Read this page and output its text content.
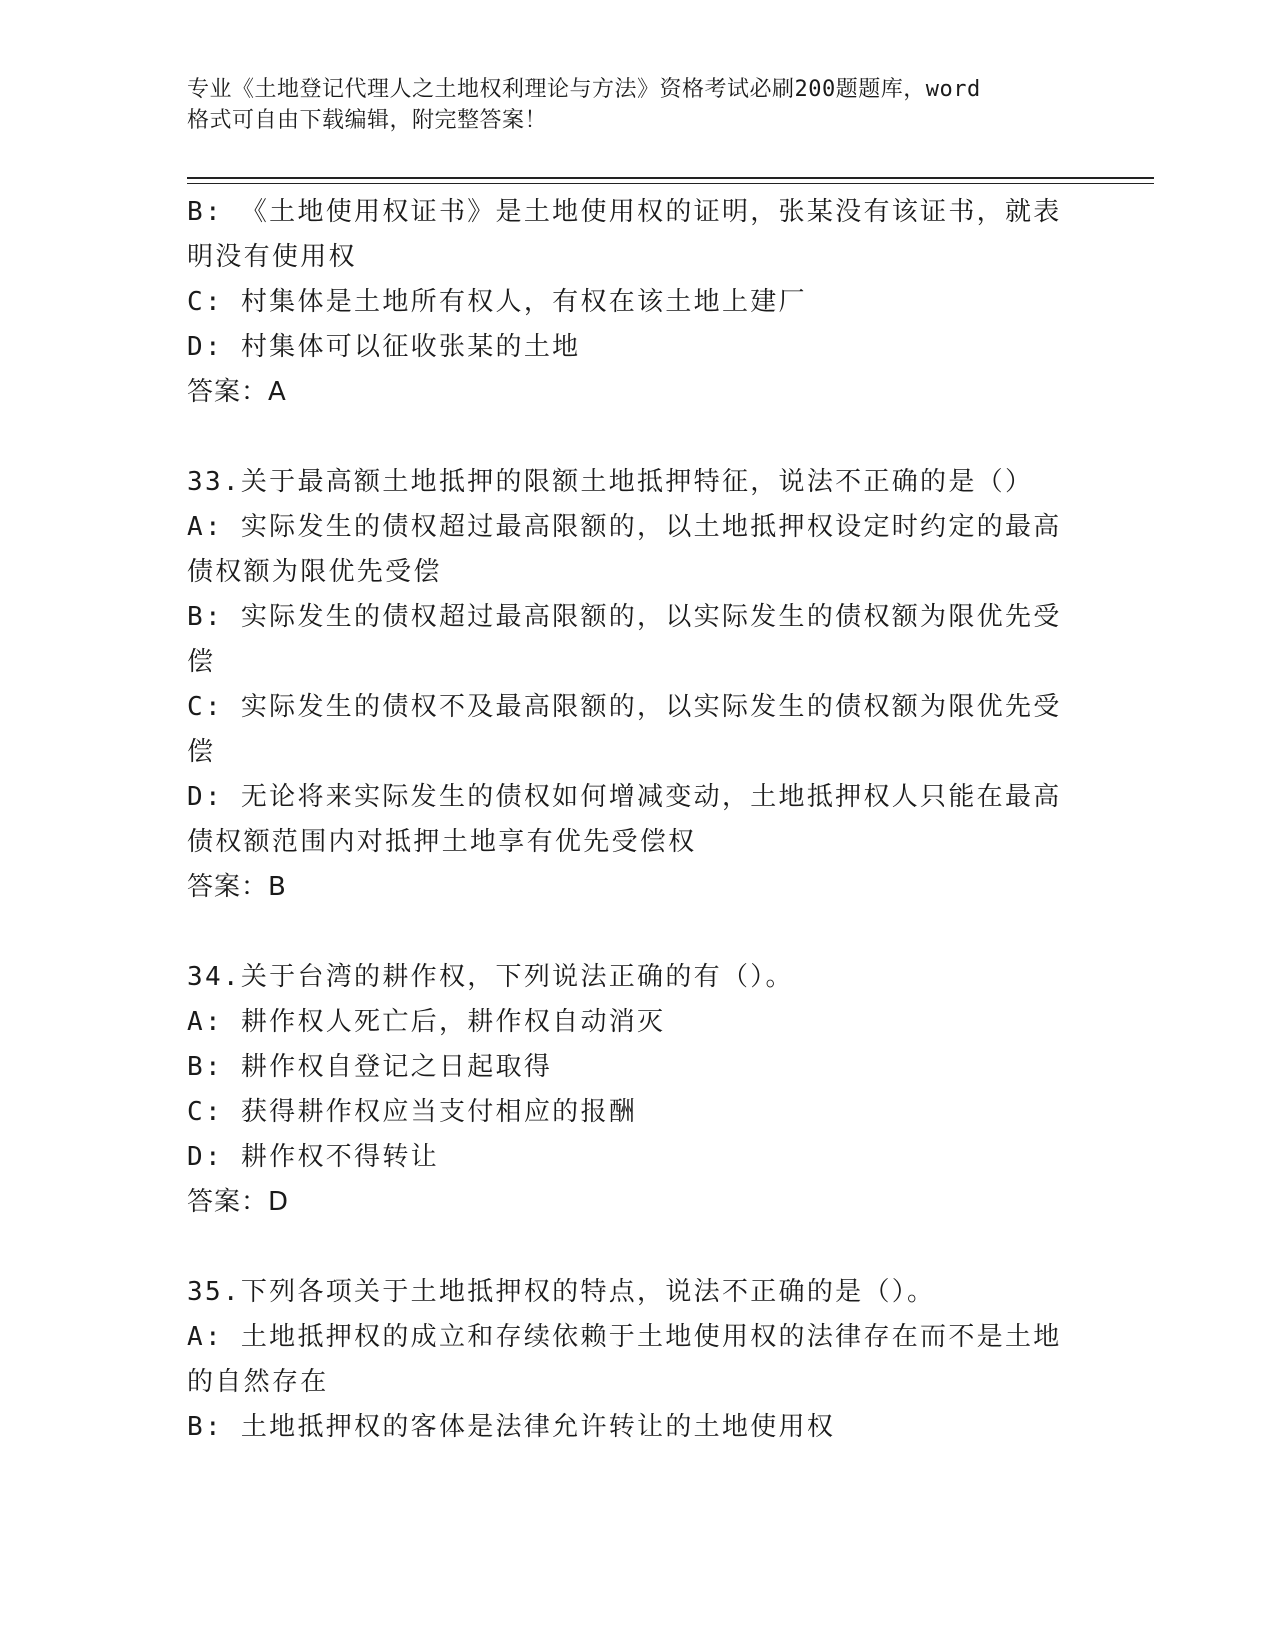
专业《土地登记代理人之土地权利理论与方法》资格考试必刷200题题库，word
格式可自由下载编辑，附完整答案！
B: 《土地使用权证书》是土地使用权的证明，张某没有该证书，就表
明没有使用权
C: 村集体是土地所有权人，有权在该土地上建厂
D: 村集体可以征收张某的土地
答案：A
33.关于最高额土地抵押的限额土地抵押特征，说法不正确的是（）
A: 实际发生的债权超过最高限额的，以土地抵押权设定时约定的最高
债权额为限优先受偿
B: 实际发生的债权超过最高限额的，以实际发生的债权额为限优先受
偿
C: 实际发生的债权不及最高限额的，以实际发生的债权额为限优先受
偿
D: 无论将来实际发生的债权如何增减变动，土地抵押权人只能在最高
债权额范围内对抵押土地享有优先受偿权
答案：B
34.关于台湾的耕作权，下列说法正确的有（）。
A: 耕作权人死亡后，耕作权自动消灭
B: 耕作权自登记之日起取得
C: 获得耕作权应当支付相应的报酬
D: 耕作权不得转让
答案：D
35.下列各项关于土地抵押权的特点，说法不正确的是（）。
A: 土地抵押权的成立和存续依赖于土地使用权的法律存在而不是土地
的自然存在
B: 土地抵押权的客体是法律允许转让的土地使用权
